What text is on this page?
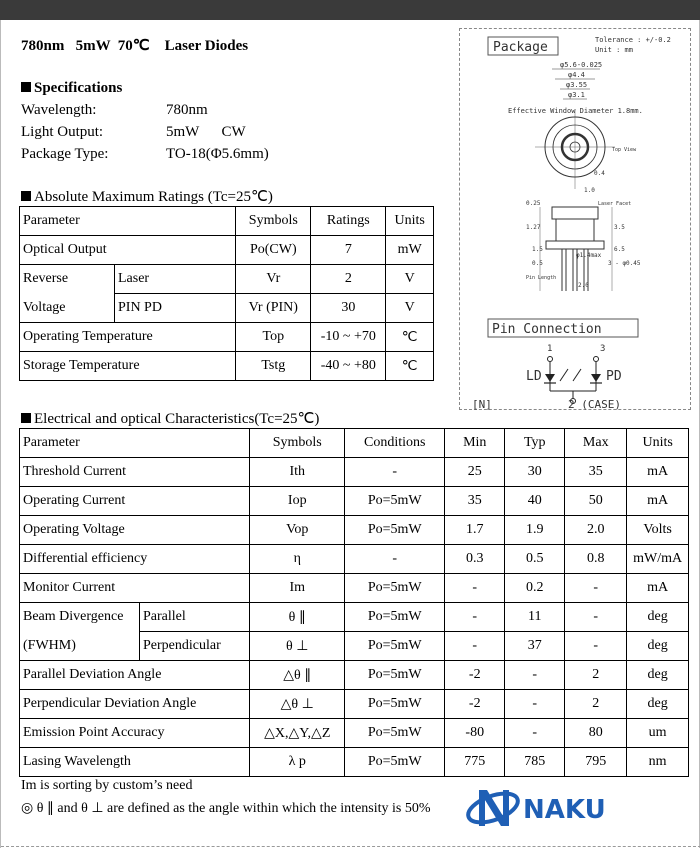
780nm   5mW  70℃    Laser Diodes
Specifications
Wavelength:	780nm
Light Output:	5mW      CW
Package Type:	TO-18(Φ5.6mm)
Absolute Maximum Ratings (Tc=25℃)
Parameter		Symbols	Ratings	Units
Optical Output		Po(CW)	7	mW
Reverse	Laser	Vr	2	V
Voltage	PIN PD	Vr (PIN)	30	V
Operating Temperature		Top	-10 ~ +70	℃
Storage Temperature		Tstg	-40 ~ +80	℃
Package	Tolerance : +/-0.2
Unit : mm
φ5.6-0.025
φ4.4
φ3.55
φ3.1
Effective Window Diameter 1.8mm.
Top View
1.0
0.4
Laser Facet
3 - φ0.45
φ1.4max
Pin Length
0.25
1.27	3.5
6.5
1.5
0.5
2.0
Pin Connection
1	3
LD	PD
2 (CASE)
[N]
Electrical and optical Characteristics(Tc=25℃)
Parameter		Symbols	Conditions	Min	Typ	Max	Units
Threshold Current		Ith	-	25	30	35	mA
Operating Current		Iop	Po=5mW	35	40	50	mA
Operating Voltage		Vop	Po=5mW	1.7	1.9	2.0	Volts
Differential efficiency		η	-	0.3	0.5	0.8	mW/mA
Monitor Current		Im	Po=5mW	-	0.2	-	mA
Beam Divergence	Parallel	θ ∥	Po=5mW	-	11	-	deg
(FWHM)	Perpendicular	θ ⊥	Po=5mW	-	37	-	deg
Parallel Deviation Angle		△θ ∥	Po=5mW	-2	-	2	deg
Perpendicular Deviation Angle		△θ ⊥	Po=5mW	-2	-	2	deg
Emission Point Accuracy		△X,△Y,△Z	Po=5mW	-80	-	80	um
Lasing Wavelength		λ p	Po=5mW	775	785	795	nm
Im is sorting by custom’s need
◎ θ ∥ and θ ⊥ are defined as the angle within which the intensity is 50%	NAKU
